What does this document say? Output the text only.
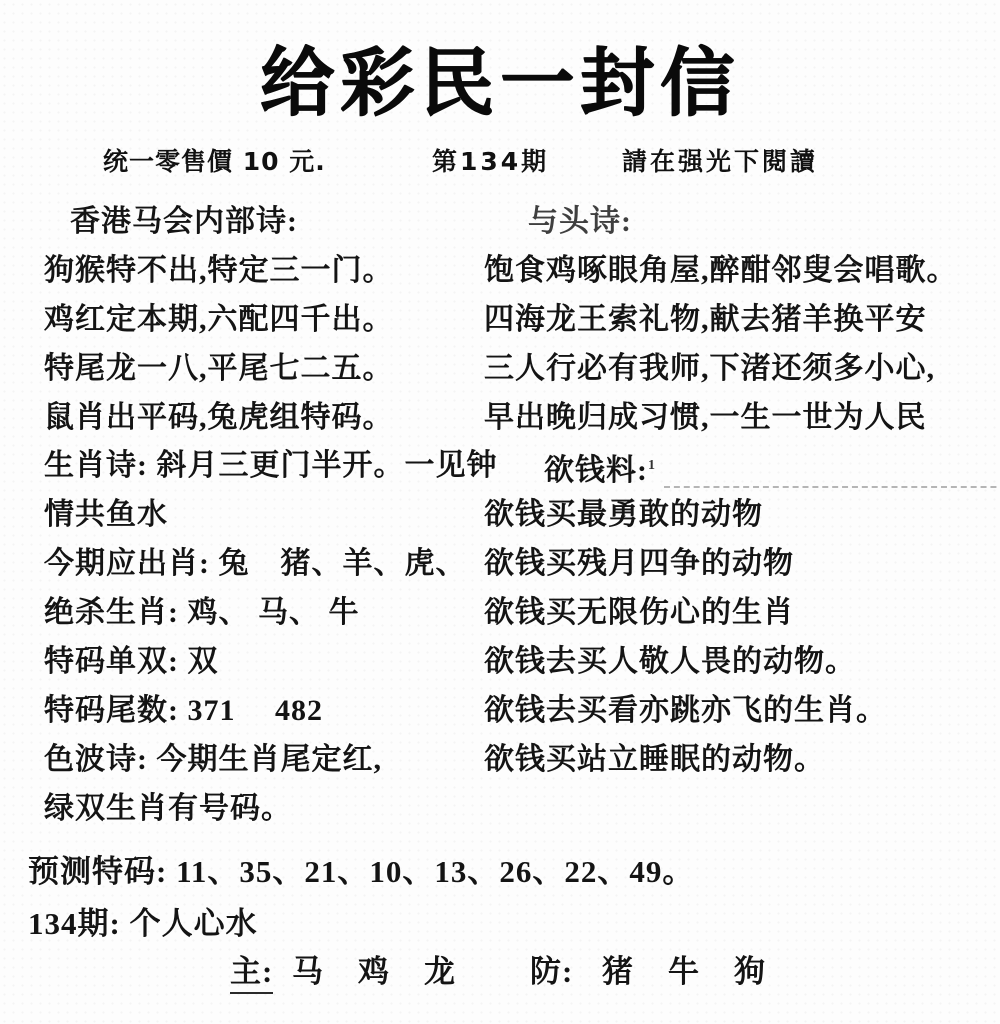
给彩民一封信
统一零售價 10 元.	第134期	請在强光下閱讀
香港马会内部诗:
狗猴特不出,特定三一门。
鸡红定本期,六配四千出。
特尾龙一八,平尾七二五。
鼠肖出平码,兔虎组特码。
生肖诗: 斜月三更门半开。一见钟
情共鱼水
今期应出肖: 兔　猪、羊、虎、
绝杀生肖: 鸡、 马、 牛
特码单双: 双
特码尾数: 371　 482
色波诗: 今期生肖尾定红,
绿双生肖有号码。
与头诗:
饱食鸡啄眼角屋,醉酣邻叟会唱歌。
四海龙王索礼物,献去猪羊换平安
三人行必有我师,下渚还须多小心,
早出晚归成习惯,一生一世为人民
欲钱料:$^1$
欲钱买最勇敢的动物
欲钱买残月四争的动物
欲钱买无限伤心的生肖
欲钱去买人敬人畏的动物。
欲钱去买看亦跳亦飞的生肖。
欲钱买站立睡眠的动物。
预测特码: 11、35、21、10、13、26、22、49。
134期: 个人心水
主: 马　鸡　龙 防: 猪　牛　狗
